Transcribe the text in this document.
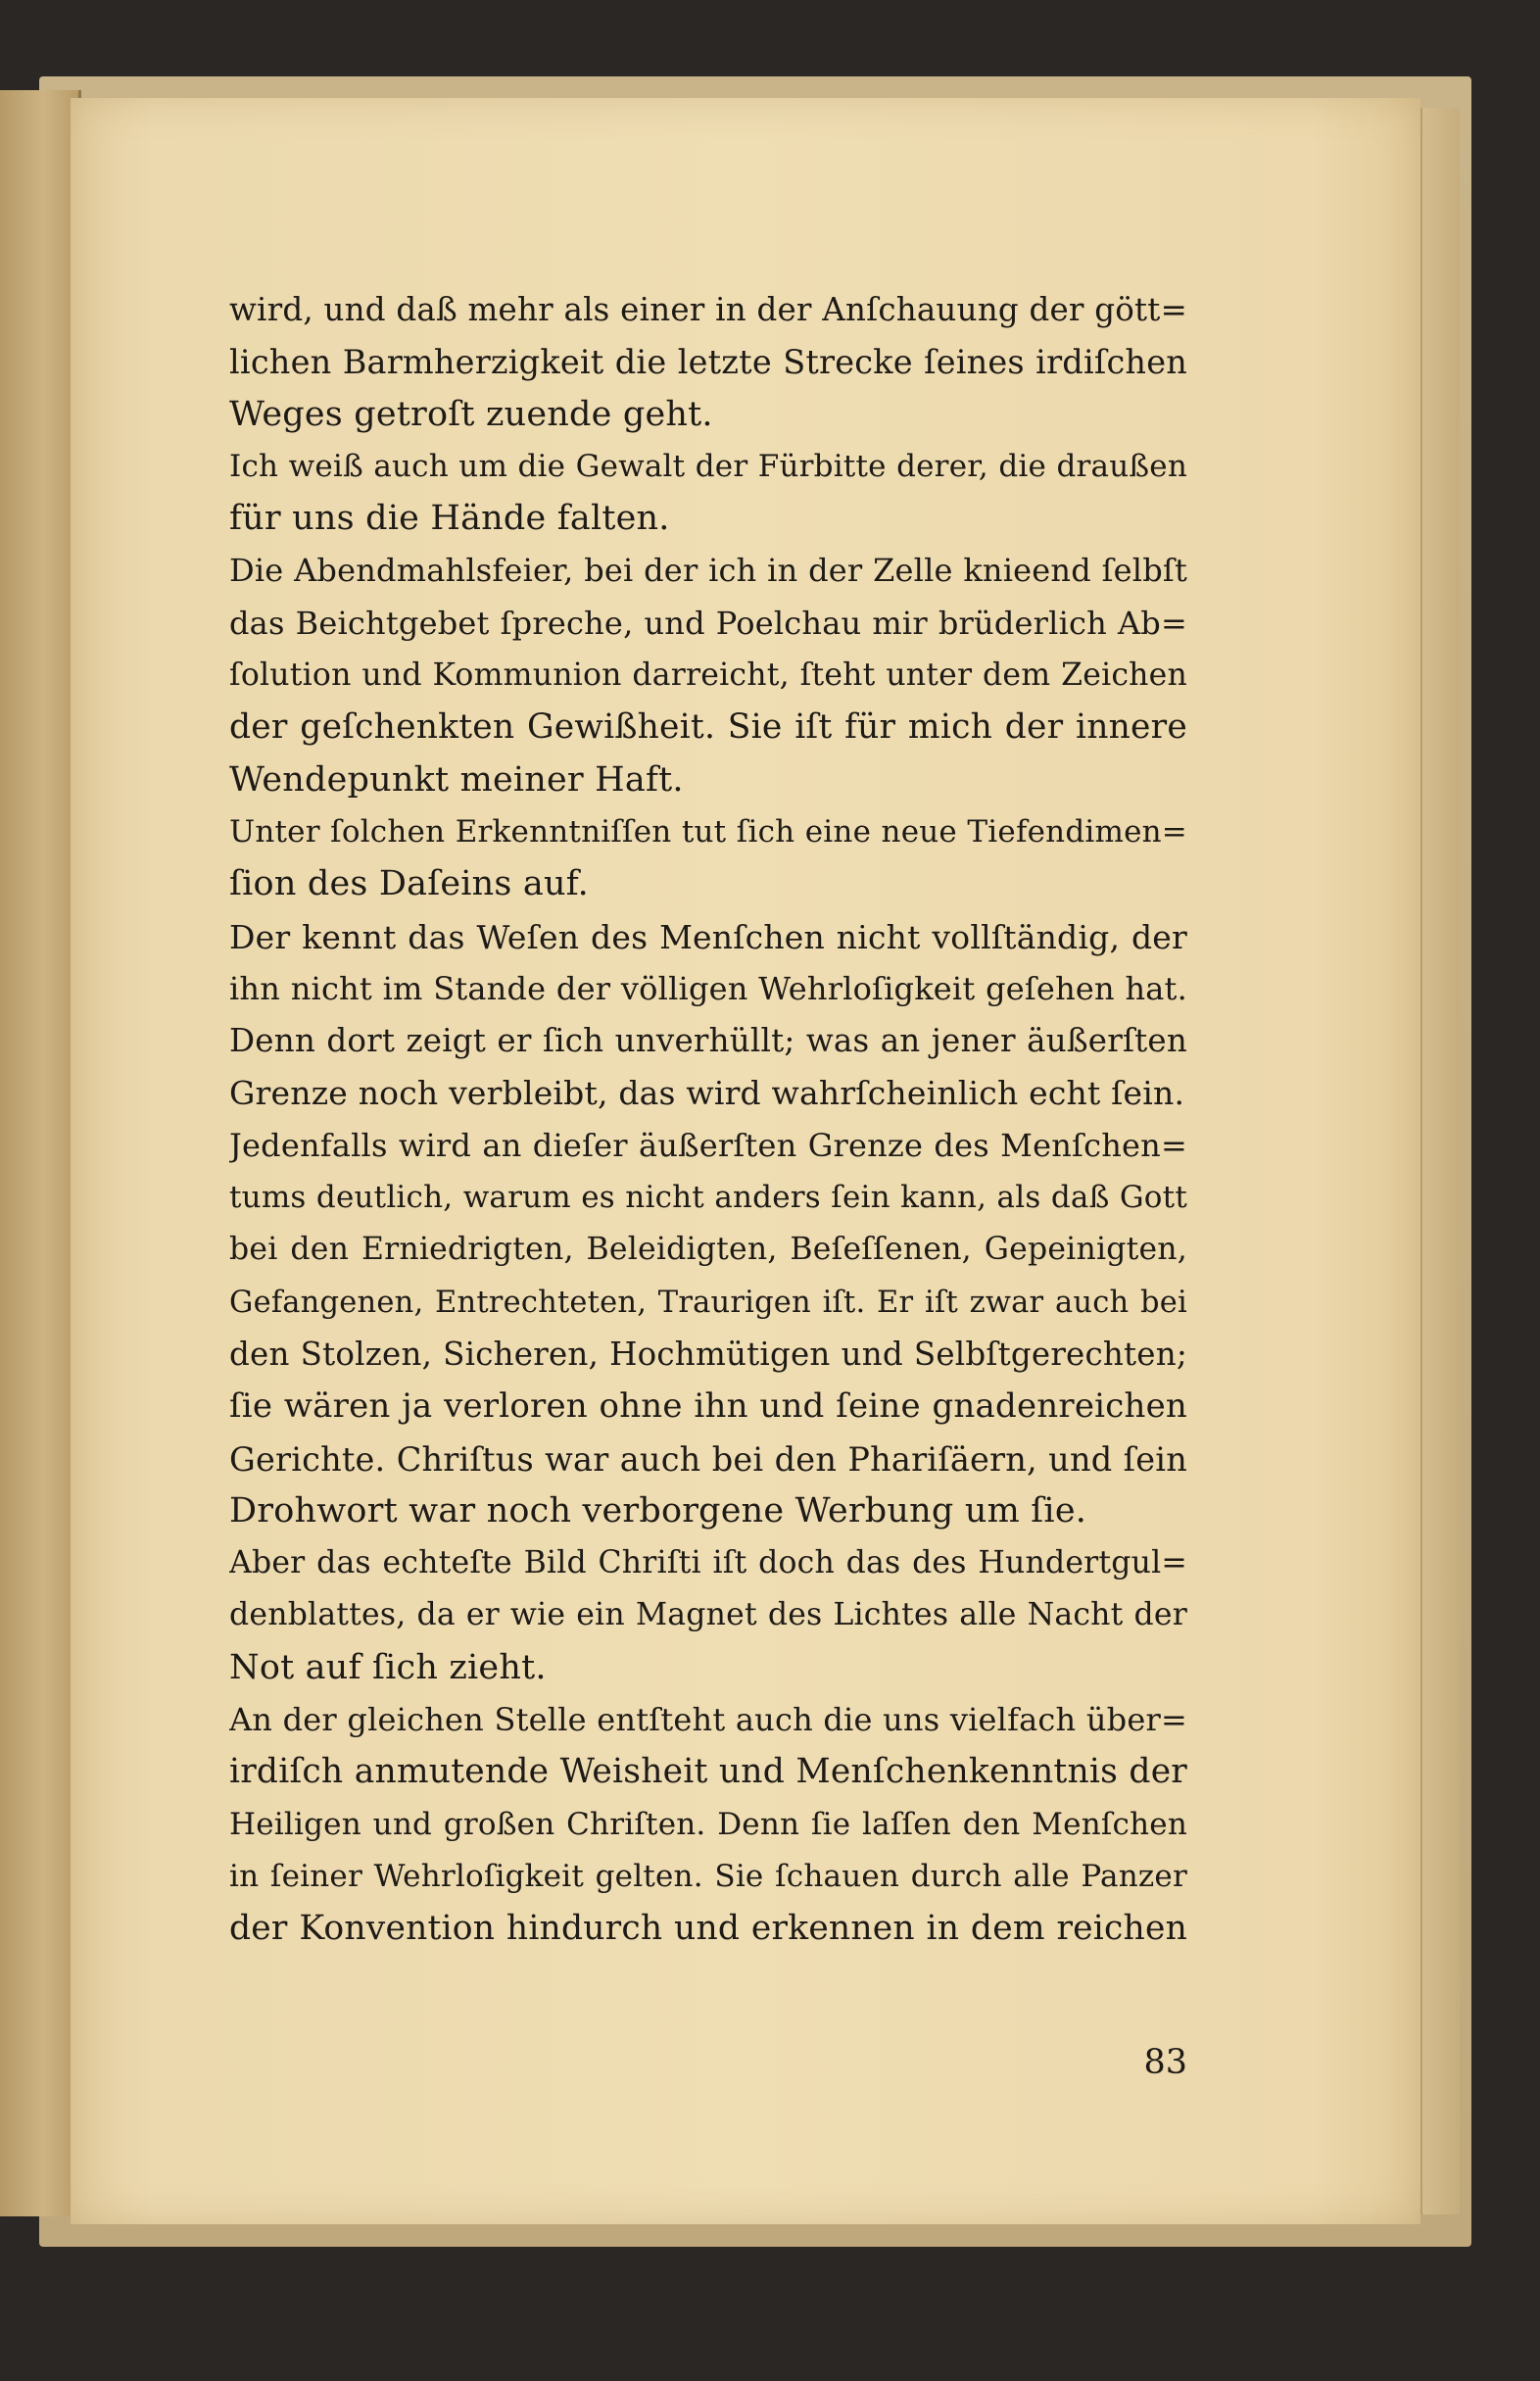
wird, und daß mehr als einer in der Anſchauung der gött=
lichen Barmherzigkeit die letzte Strecke ſeines irdiſchen
Weges getroſt zuende geht.
Ich weiß auch um die Gewalt der Fürbitte derer, die draußen
für uns die Hände falten.
Die Abendmahlsfeier, bei der ich in der Zelle knieend ſelbſt
das Beichtgebet ſpreche, und Poelchau mir brüderlich Ab=
ſolution und Kommunion darreicht, ſteht unter dem Zeichen
der geſchenkten Gewißheit. Sie iſt für mich der innere
Wendepunkt meiner Haft.
Unter ſolchen Erkenntniſſen tut ſich eine neue Tiefendimen=
ſion des Daſeins auf.
Der kennt das Weſen des Menſchen nicht vollſtändig, der
ihn nicht im Stande der völligen Wehrloſigkeit geſehen hat.
Denn dort zeigt er ſich unverhüllt; was an jener äußerſten
Grenze noch verbleibt, das wird wahrſcheinlich echt ſein.
Jedenfalls wird an dieſer äußerſten Grenze des Menſchen=
tums deutlich, warum es nicht anders ſein kann, als daß Gott
bei den Erniedrigten, Beleidigten, Beſeſſenen, Gepeinigten,
Gefangenen, Entrechteten, Traurigen iſt. Er iſt zwar auch bei
den Stolzen, Sicheren, Hochmütigen und Selbſtgerechten;
ſie wären ja verloren ohne ihn und ſeine gnadenreichen
Gerichte. Chriſtus war auch bei den Phariſäern, und ſein
Drohwort war noch verborgene Werbung um ſie.
Aber das echteſte Bild Chriſti iſt doch das des Hundertgul=
denblattes, da er wie ein Magnet des Lichtes alle Nacht der
Not auf ſich zieht.
An der gleichen Stelle entſteht auch die uns vielfach über=
irdiſch anmutende Weisheit und Menſchenkenntnis der
Heiligen und großen Chriſten. Denn ſie laſſen den Menſchen
in ſeiner Wehrloſigkeit gelten. Sie ſchauen durch alle Panzer
der Konvention hindurch und erkennen in dem reichen
83
